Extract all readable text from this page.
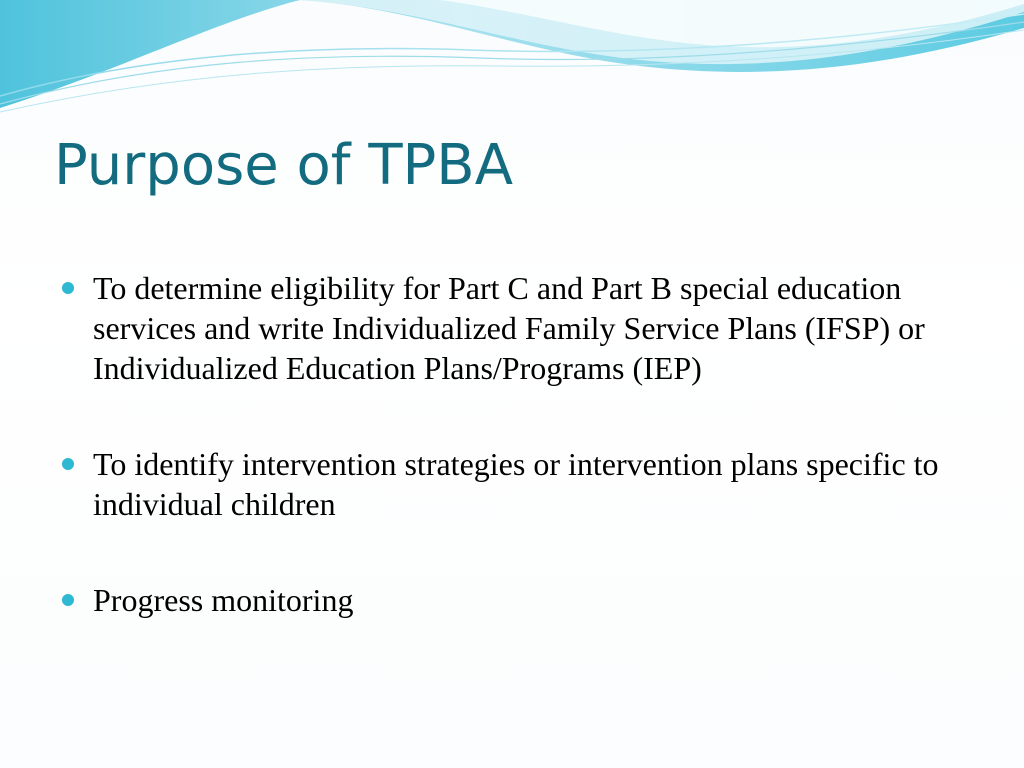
Purpose of TPBA
To determine eligibility for Part C and Part B special education services and write Individualized Family Service Plans (IFSP) or Individualized Education Plans/Programs (IEP)
To identify intervention strategies or intervention plans specific to individual children
Progress monitoring
